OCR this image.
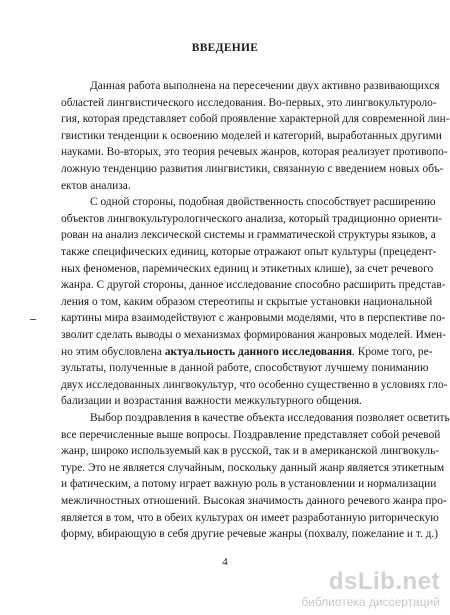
ВВЕДЕНИЕ
Данная работа выполнена на пересечении двух активно развивающихся
областей лингвистического исследования. Во-первых, это лингвокультуроло-
гия, которая представляет собой проявление характерной для современной лин-
гвистики тенденции к освоению моделей и категорий, выработанных другими
науками. Во-вторых, это теория речевых жанров, которая реализует противопо-
ложную тенденцию развития лингвистики, связанную с введением новых объ-
ектов анализа.
С одной стороны, подобная двойственность способствует расширению
объектов лингвокультурологического анализа, который традиционно ориенти-
рован на анализ лексической системы и грамматической структуры языков, а
также специфических единиц, которые отражают опыт культуры (прецедент-
ных феноменов, паремических единиц и этикетных клише), за счет речевого
жанра. С другой стороны, данное исследование способно расширить представ-
ления о том, каким образом стереотипы и скрытые установки национальной
картины мира взаимодействуют с жанровыми моделями, что в перспективе по-
зволит сделать выводы о механизмах формирования жанровых моделей. Имен-
но этим обусловлена актуальность данного исследования. Кроме того, ре-
зультаты, полученные в данной работе, способствуют лучшему пониманию
двух исследованных лингвокультур, что особенно существенно в условиях гло-
бализации и возрастания важности межкультурного общения.
Выбор поздравления в качестве объекта исследования позволяет осветить
все перечисленные выше вопросы. Поздравление представляет собой речевой
жанр, широко используемый как в русской, так и в американской лингвокуль-
туре. Это не является случайным, поскольку данный жанр является этикетным
и фатическим, а потому играет важную роль в установлении и нормализации
межличностных отношений. Высокая значимость данного речевого жанра про-
является в том, что в обеих культурах он имеет разработанную риторическую
форму, вбирающую в себя другие речевые жанры (похвалу, пожелание и т. д.)
4
dsLib.net
библиотека диссертаций
